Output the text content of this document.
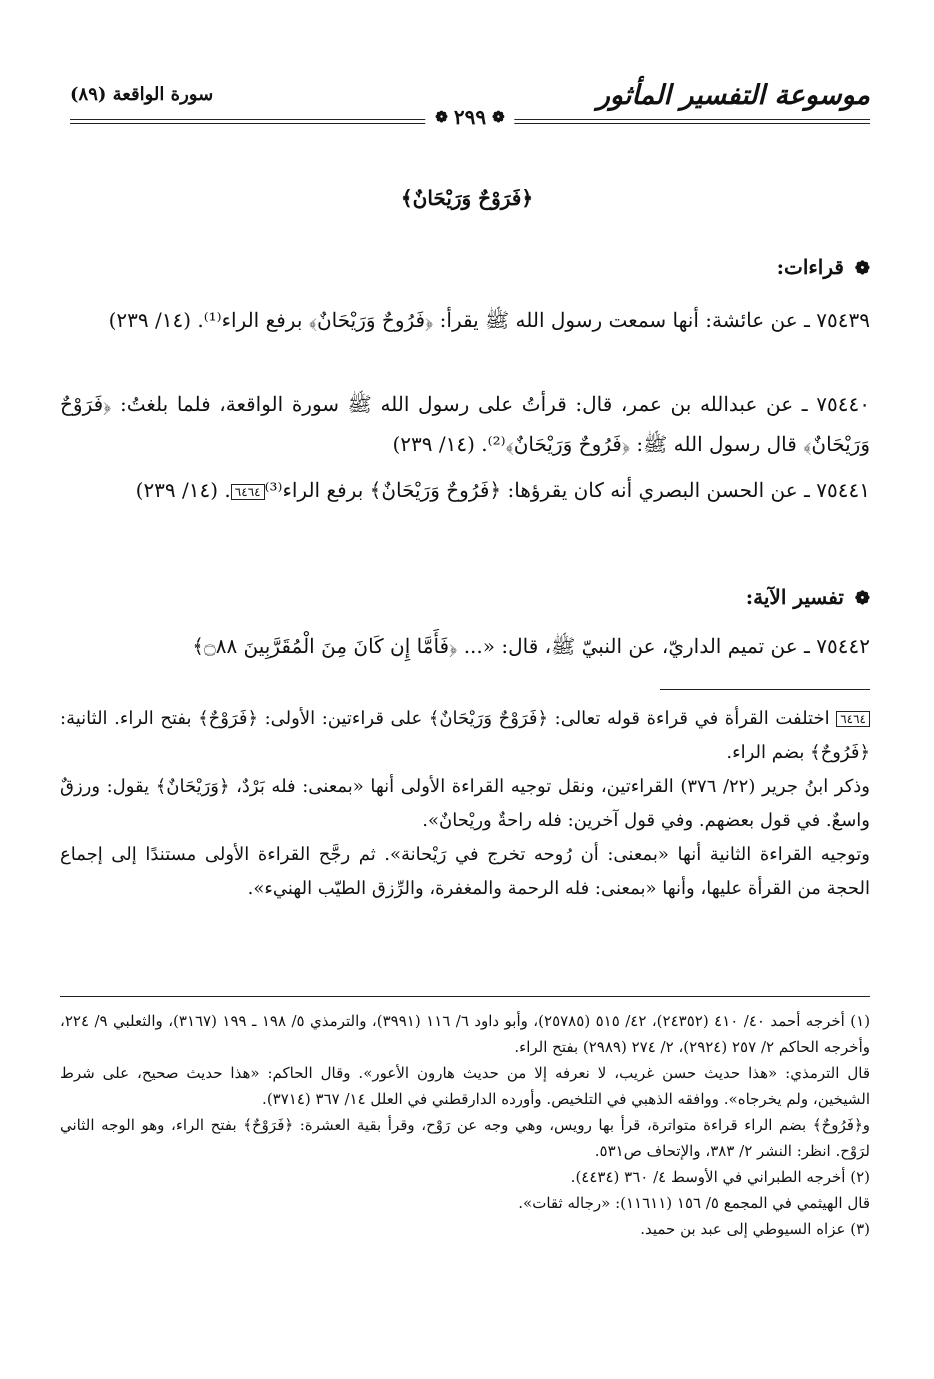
موسوعة التفسير المأثور
سورة الواقعة (٨٩)
❁
٢٩٩
❁
﴿فَرَوْحٌ وَرَيْحَانٌ﴾
❁ قراءات:
٧٥٤٣٩ ـ عن عائشة: أنها سمعت رسول الله ﷺ يقرأ: ﴿فَرُوحٌ وَرَيْحَانٌ﴾ برفع الراء⁽¹⁾. (١٤/ ٢٣٩)
٧٥٤٤٠ ـ عن عبدالله بن عمر، قال: قرأتُ على رسول الله ﷺ سورة الواقعة، فلما بلغتُ: ﴿فَرَوْحٌ وَرَيْحَانٌ﴾ قال رسول الله ﷺ: ﴿فَرُوحٌ وَرَيْحَانٌ﴾⁽²⁾. (١٤/ ٢٣٩)
٧٥٤٤١ ـ عن الحسن البصري أنه كان يقرؤها: ﴿فَرُوحٌ وَرَيْحَانٌ﴾ برفع الراء⁽³⁾٦٤٦٤. (١٤/ ٢٣٩)
❁ تفسير الآية:
٧٥٤٤٢ ـ عن تميم الداريّ، عن النبيّ ﷺ، قال: «... ﴿فَأَمَّا إِن كَانَ مِنَ الْمُقَرَّبِينَ ۝٨٨﴾
٦٤٦٤ اختلفت القرأة في قراءة قوله تعالى: ﴿فَرَوْحٌ وَرَيْحَانٌ﴾ على قراءتين: الأولى: ﴿فَرَوْحٌ﴾ بفتح الراء. الثانية: ﴿فَرُوحٌ﴾ بضم الراء.
وذكر ابنُ جرير (٢٢/ ٣٧٦) القراءتين، ونقل توجيه القراءة الأولى أنها «بمعنى: فله بَرْدٌ، ﴿وَرَيْحَانٌ﴾ يقول: ورزقٌ واسعٌ. في قول بعضهم. وفي قول آخرين: فله راحةٌ وريْحانٌ».
وتوجيه القراءة الثانية أنها «بمعنى: أن رُوحه تخرج في رَيْحانة». ثم رجَّح القراءة الأولى مستندًا إلى إجماع الحجة من القرأة عليها، وأنها «بمعنى: فله الرحمة والمغفرة، والرِّزق الطيّب الهنيء».

(١) أخرجه أحمد ٤٠/ ٤١٠ (٢٤٣٥٢)، ٤٢/ ٥١٥ (٢٥٧٨٥)، وأبو داود ٦/ ١١٦ (٣٩٩١)، والترمذي ٥/ ١٩٨ ـ ١٩٩ (٣١٦٧)، والثعلبي ٩/ ٢٢٤، وأخرجه الحاكم ٢/ ٢٥٧ (٢٩٢٤)، ٢/ ٢٧٤ (٢٩٨٩) بفتح الراء.

قال الترمذي: «هذا حديث حسن غريب، لا نعرفه إلا من حديث هارون الأعور». وقال الحاكم: «هذا حديث صحيح، على شرط الشيخين، ولم يخرجاه». ووافقه الذهبي في التلخيص. وأورده الدارقطني في العلل ١٤/ ٣٦٧ (٣٧١٤).

و﴿فَرُوحٌ﴾ بضم الراء قراءة متواترة، قرأ بها رويس، وهي وجه عن رَوْح، وقرأ بقية العشرة: ﴿فَرَوْحٌ﴾ بفتح الراء، وهو الوجه الثاني لرَوْح. انظر: النشر ٢/ ٣٨٣، والإتحاف ص٥٣١.

(٢) أخرجه الطبراني في الأوسط ٤/ ٣٦٠ (٤٤٣٤).

قال الهيثمي في المجمع ٥/ ١٥٦ (١١٦١١): «رجاله ثقات».

(٣) عزاه السيوطي إلى عبد بن حميد.
